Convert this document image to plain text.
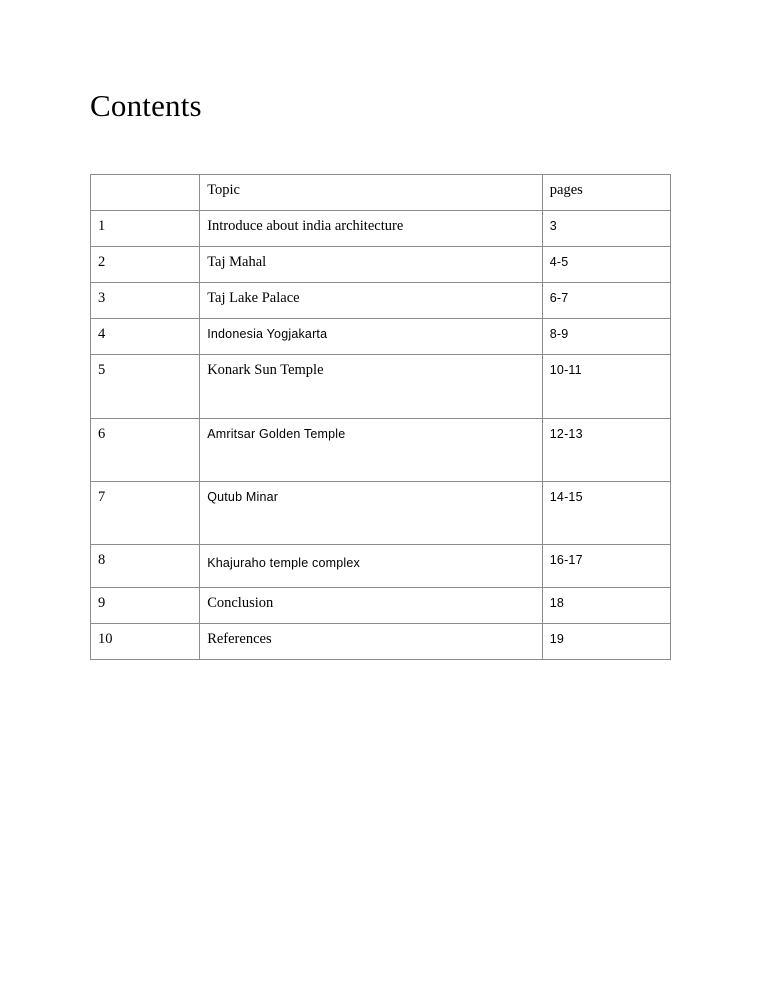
Contents

	Topic	pages

1	Introduce about india architecture	3

2	Taj Mahal	4-5

3	Taj Lake Palace	6-7

4	Indonesia Yogjakarta	8-9

5	Konark Sun Temple	10-11

6	Amritsar Golden Temple	12-13

7	Qutub Minar	14-15

8	Khajuraho temple complex	16-17

9	Conclusion	18

10	References	19
